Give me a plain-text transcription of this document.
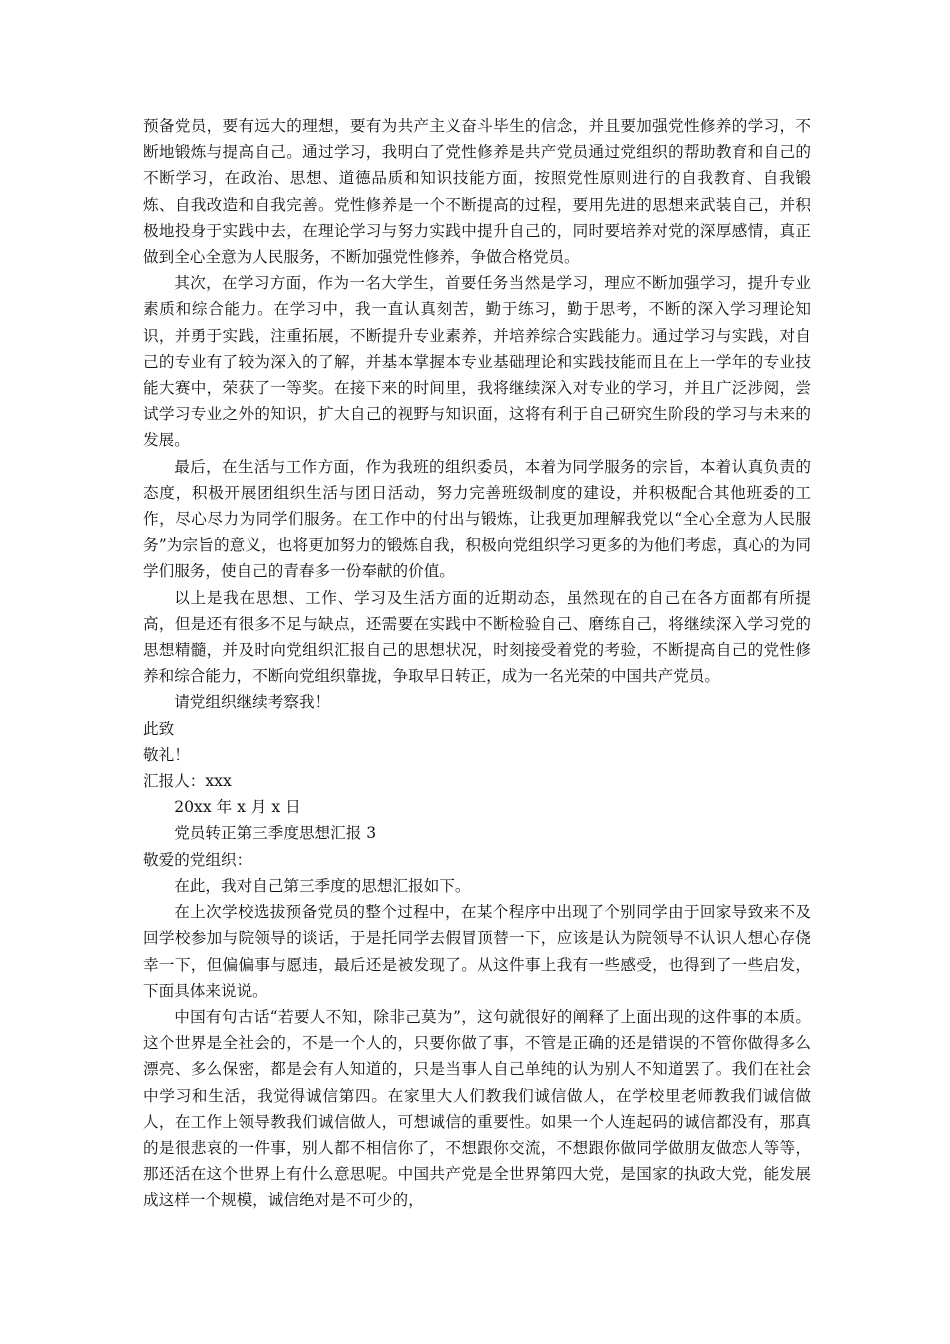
预备党员，要有远大的理想，要有为共产主义奋斗毕生的信念，并且要加强党性修养的学习，不断地锻炼与提高自己。通过学习，我明白了党性修养是共产党员通过党组织的帮助教育和自己的不断学习，在政治、思想、道德品质和知识技能方面，按照党性原则进行的自我教育、自我锻炼、自我改造和自我完善。党性修养是一个不断提高的过程，要用先进的思想来武装自己，并积极地投身于实践中去，在理论学习与努力实践中提升自己的，同时要培养对党的深厚感情，真正做到全心全意为人民服务，不断加强党性修养，争做合格党员。

其次，在学习方面，作为一名大学生，首要任务当然是学习，理应不断加强学习，提升专业素质和综合能力。在学习中，我一直认真刻苦，勤于练习，勤于思考，不断的深入学习理论知识，并勇于实践，注重拓展，不断提升专业素养，并培养综合实践能力。通过学习与实践，对自己的专业有了较为深入的了解，并基本掌握本专业基础理论和实践技能而且在上一学年的专业技能大赛中，荣获了一等奖。在接下来的时间里，我将继续深入对专业的学习，并且广泛涉阅，尝试学习专业之外的知识，扩大自己的视野与知识面，这将有利于自己研究生阶段的学习与未来的发展。

最后，在生活与工作方面，作为我班的组织委员，本着为同学服务的宗旨，本着认真负责的态度，积极开展团组织生活与团日活动，努力完善班级制度的建设，并积极配合其他班委的工作，尽心尽力为同学们服务。在工作中的付出与锻炼，让我更加理解我党以“全心全意为人民服务”为宗旨的意义，也将更加努力的锻炼自我，积极向党组织学习更多的为他们考虑，真心的为同学们服务，使自己的青春多一份奉献的价值。

以上是我在思想、工作、学习及生活方面的近期动态，虽然现在的自己在各方面都有所提高，但是还有很多不足与缺点，还需要在实践中不断检验自己、磨练自己，将继续深入学习党的思想精髓，并及时向党组织汇报自己的思想状况，时刻接受着党的考验，不断提高自己的党性修养和综合能力，不断向党组织靠拢，争取早日转正，成为一名光荣的中国共产党员。

请党组织继续考察我！

此致

敬礼！

汇报人：xxx

20xx 年 x 月 x 日

党员转正第三季度思想汇报 3

敬爱的党组织：

在此，我对自己第三季度的思想汇报如下。

在上次学校选拔预备党员的整个过程中，在某个程序中出现了个别同学由于回家导致来不及回学校参加与院领导的谈话，于是托同学去假冒顶替一下，应该是认为院领导不认识人想心存侥幸一下，但偏偏事与愿违，最后还是被发现了。从这件事上我有一些感受，也得到了一些启发，下面具体来说说。

中国有句古话“若要人不知，除非己莫为”，这句就很好的阐释了上面出现的这件事的本质。这个世界是全社会的，不是一个人的，只要你做了事，不管是正确的还是错误的不管你做得多么漂亮、多么保密，都是会有人知道的，只是当事人自己单纯的认为别人不知道罢了。我们在社会中学习和生活，我觉得诚信第四。在家里大人们教我们诚信做人，在学校里老师教我们诚信做人，在工作上领导教我们诚信做人，可想诚信的重要性。如果一个人连起码的诚信都没有，那真的是很悲哀的一件事，别人都不相信你了，不想跟你交流，不想跟你做同学做朋友做恋人等等，那还活在这个世界上有什么意思呢。中国共产党是全世界第四大党，是国家的执政大党，能发展成这样一个规模，诚信绝对是不可少的，
